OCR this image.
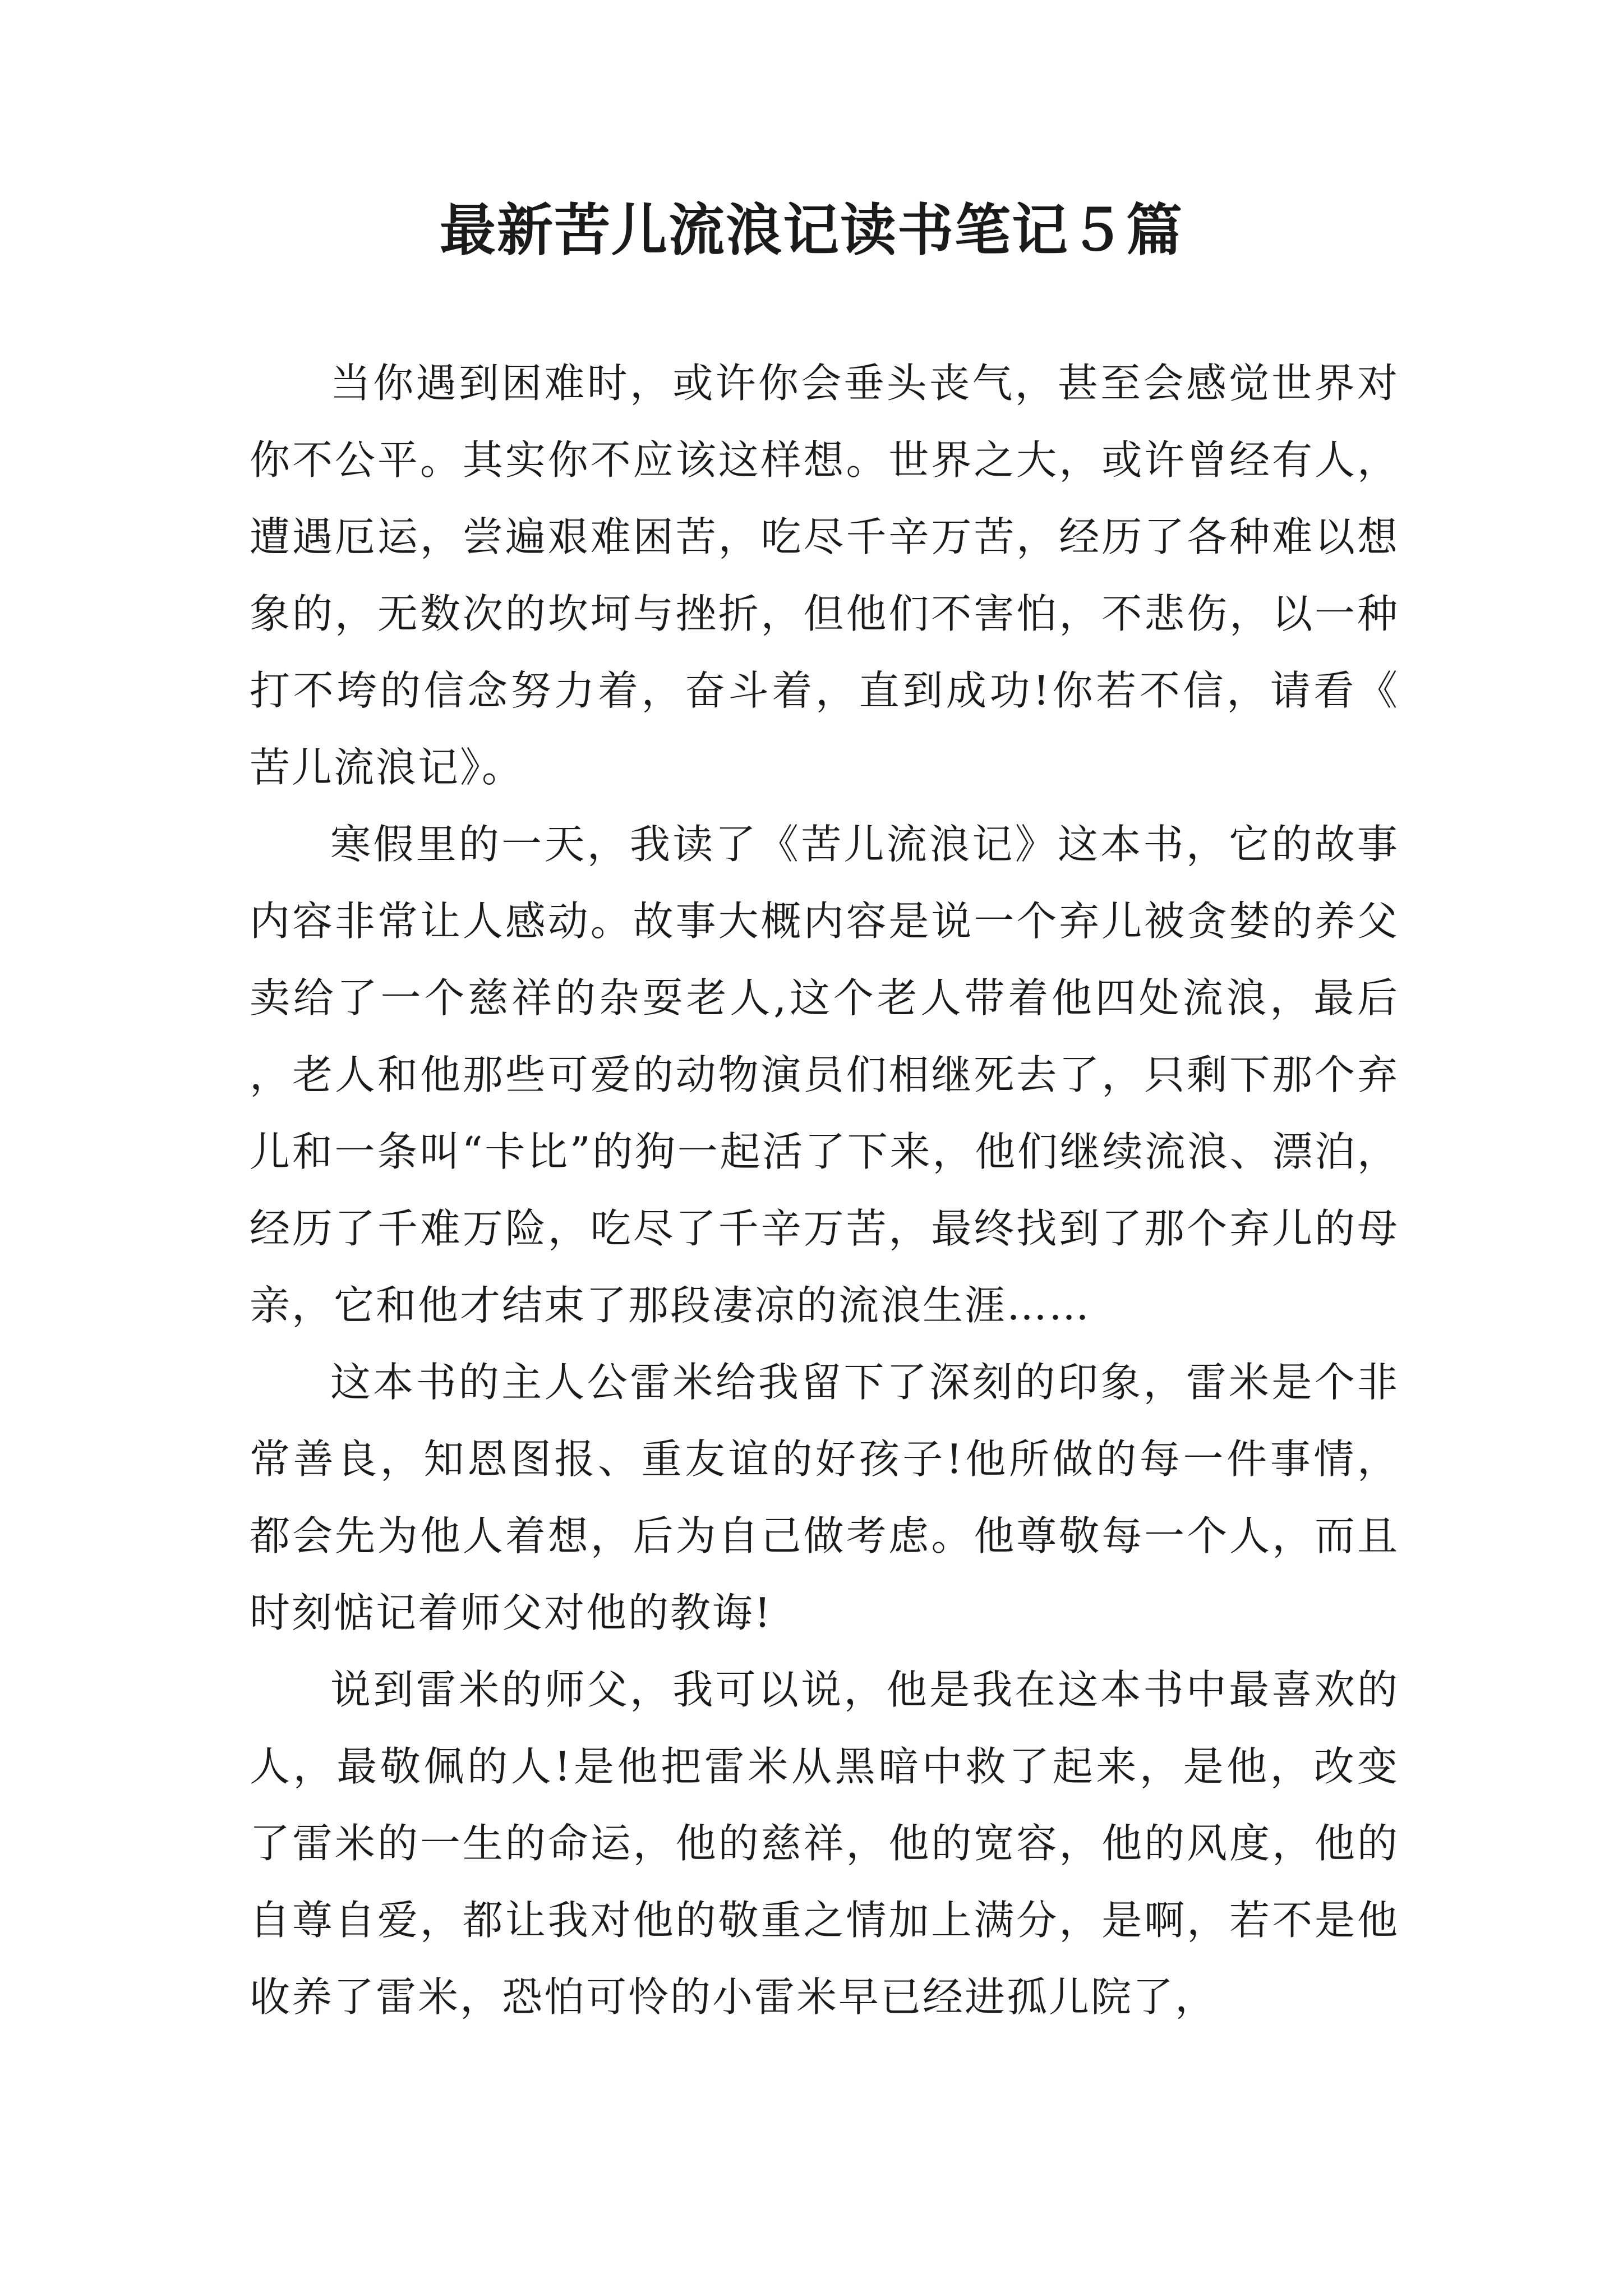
最新苦儿流浪记读书笔记５篇

当你遇到困难时，或许你会垂头丧气，甚至会感觉世界对你不公平。其实你不应该这样想。世界之大，或许曾经有人，遭遇厄运，尝遍艰难困苦，吃尽千辛万苦，经历了各种难以想象的，无数次的坎坷与挫折，但他们不害怕，不悲伤，以一种打不垮的信念努力着，奋斗着，直到成功!你若不信，请看《苦儿流浪记》。

寒假里的一天，我读了《苦儿流浪记》这本书，它的故事内容非常让人感动。故事大概内容是说一个弃儿被贪婪的养父卖给了一个慈祥的杂耍老人,这个老人带着他四处流浪，最后，老人和他那些可爱的动物演员们相继死去了，只剩下那个弃儿和一条叫“卡比”的狗一起活了下来，他们继续流浪、漂泊，经历了千难万险，吃尽了千辛万苦，最终找到了那个弃儿的母亲，它和他才结束了那段凄凉的流浪生涯……

这本书的主人公雷米给我留下了深刻的印象，雷米是个非常善良，知恩图报、重友谊的好孩子!他所做的每一件事情，都会先为他人着想，后为自己做考虑。他尊敬每一个人，而且时刻惦记着师父对他的教诲!

说到雷米的师父，我可以说，他是我在这本书中最喜欢的人，最敬佩的人!是他把雷米从黑暗中救了起来，是他，改变了雷米的一生的命运，他的慈祥，他的宽容，他的风度，他的自尊自爱，都让我对他的敬重之情加上满分，是啊，若不是他收养了雷米，恐怕可怜的小雷米早已经进孤儿院了，
